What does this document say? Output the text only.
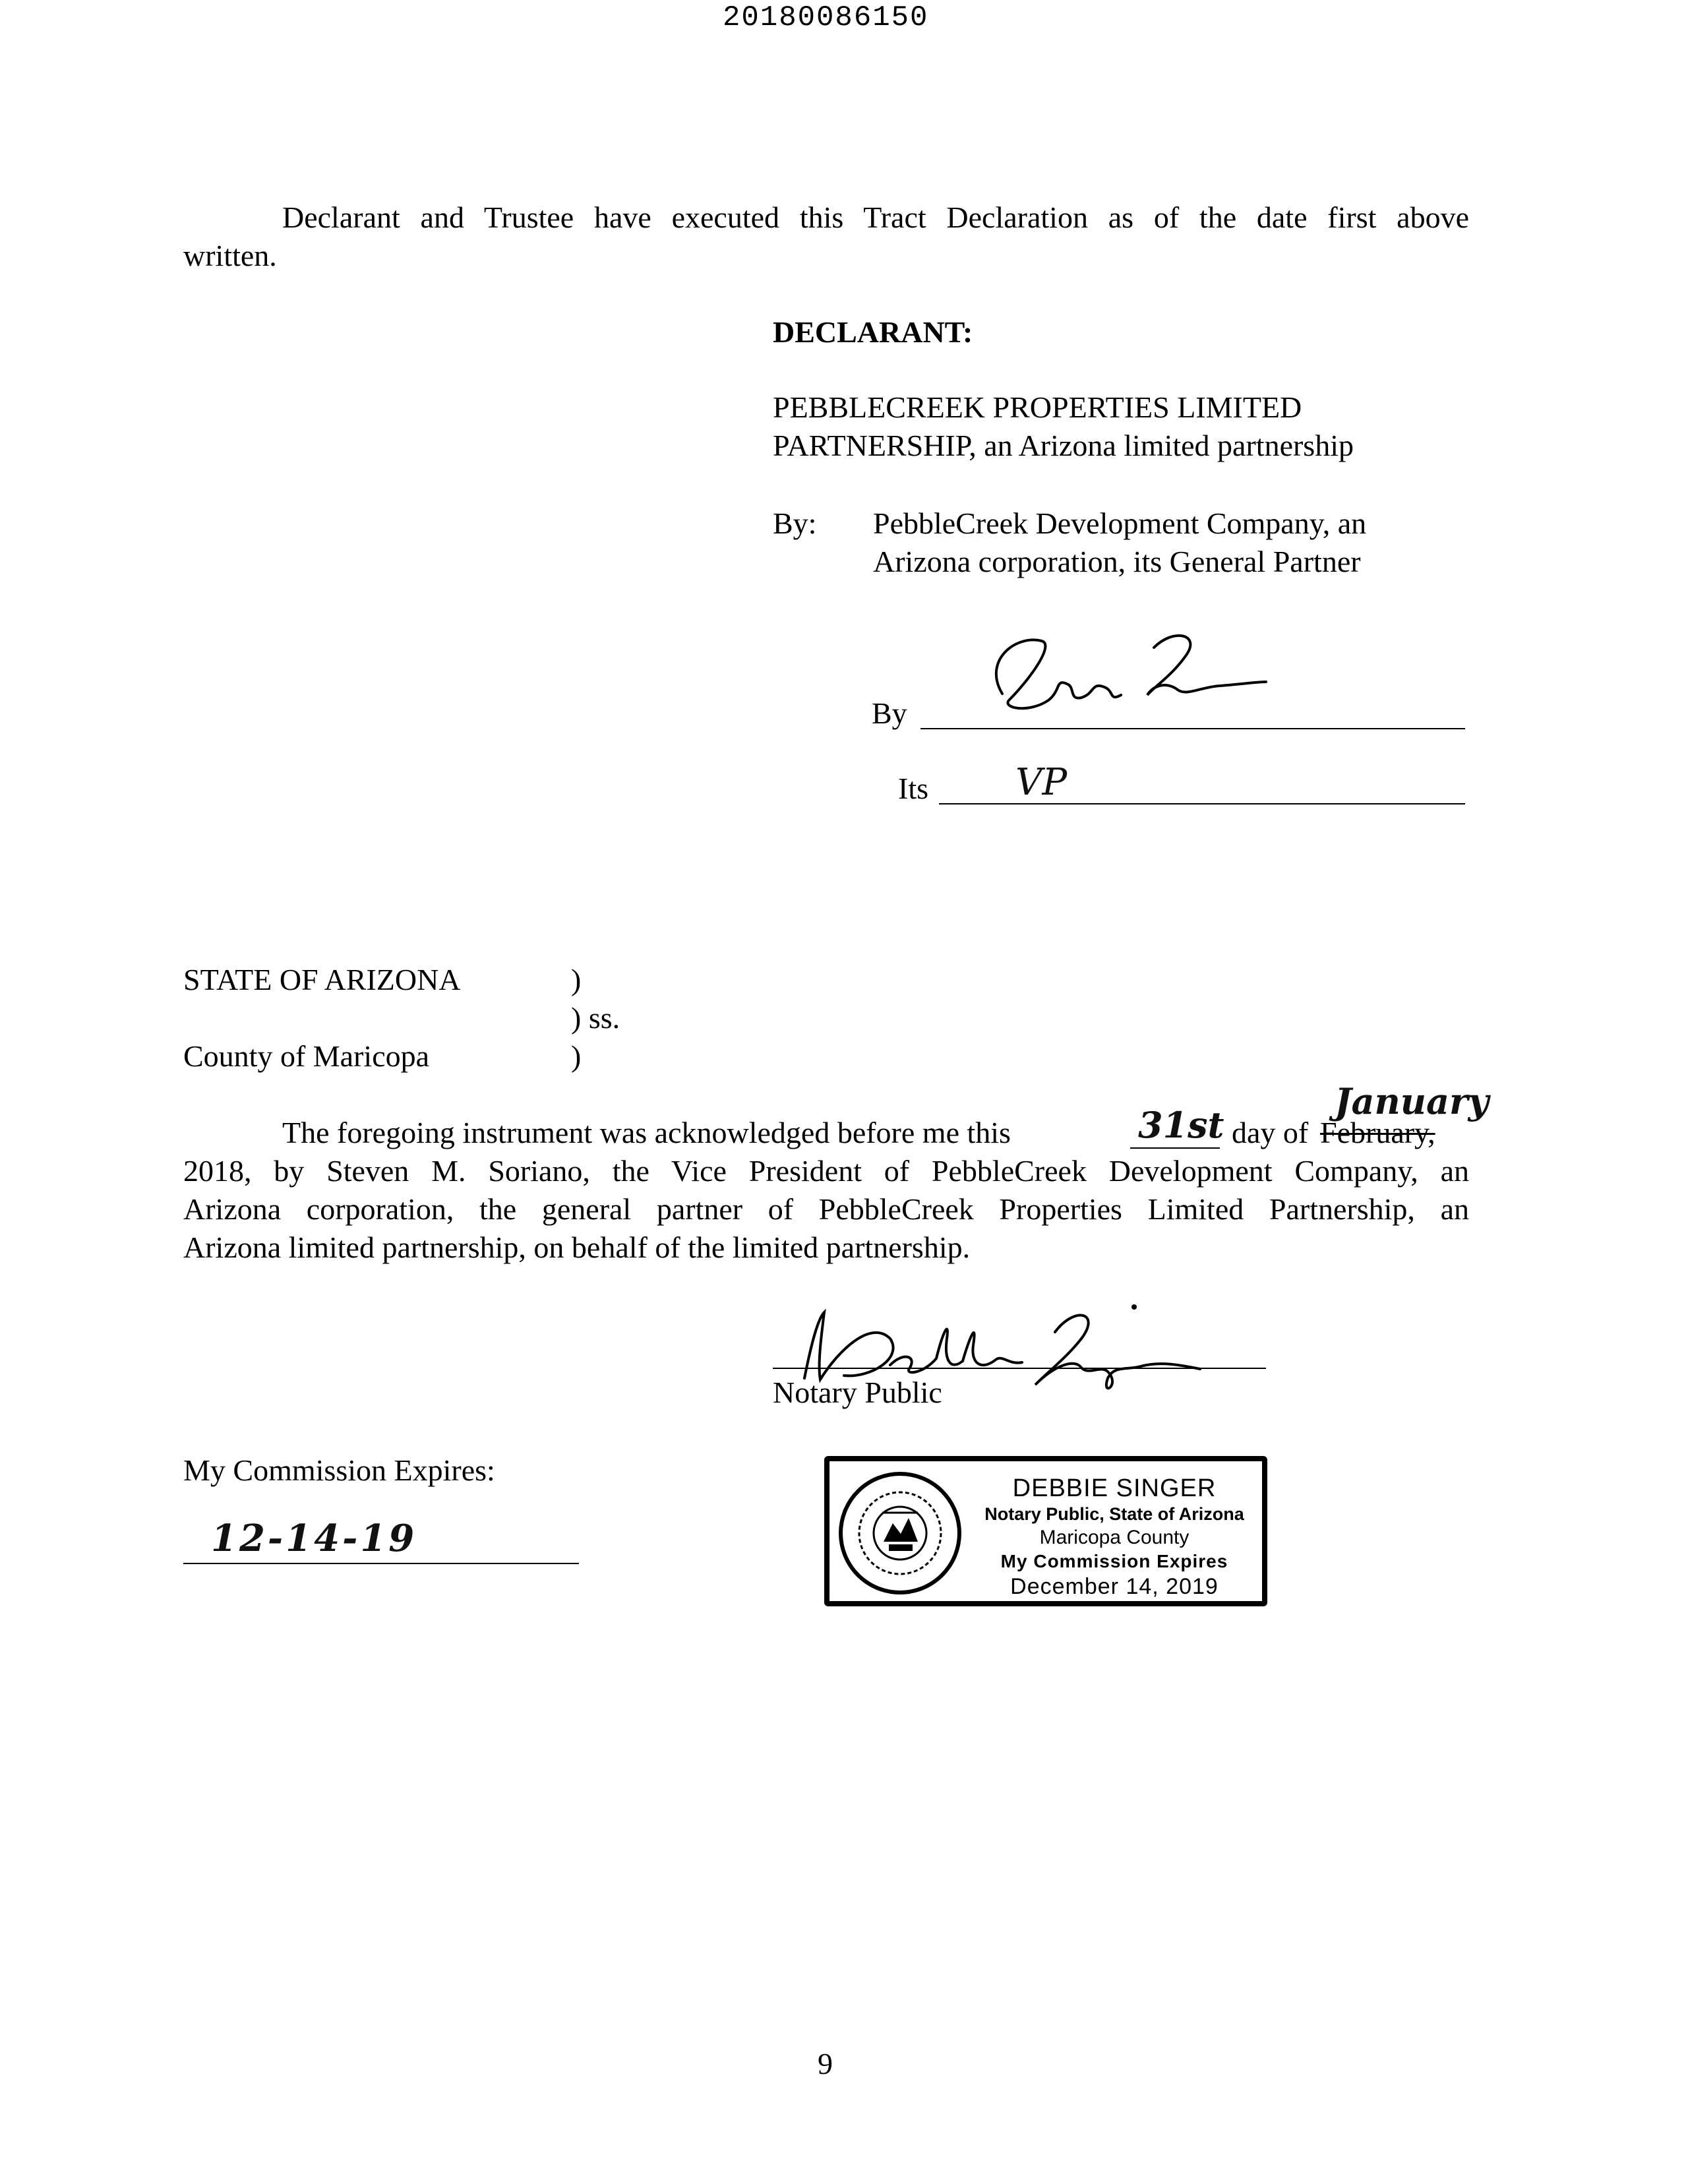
20180086150
Declarant and Trustee have executed this Tract Declaration as of the date first above
written.
DECLARANT:
PEBBLECREEK PROPERTIES LIMITED
PARTNERSHIP, an Arizona limited partnership
By: PebbleCreek Development Company, an
Arizona corporation, its General Partner
By
Its VP
STATE OF ARIZONA	)
) ss.
County of Maricopa	)
The foregoing instrument was acknowledged before me this	31st day of February,
January
2018, by Steven M. Soriano, the Vice President of PebbleCreek Development Company, an
Arizona corporation, the general partner of PebbleCreek Properties Limited Partnership, an
Arizona limited partnership, on behalf of the limited partnership.
Notary Public
My Commission Expires:
12-14-19
DEBBIE SINGER
Notary Public, State of Arizona
Maricopa County
My Commission Expires
December 14, 2019
9
